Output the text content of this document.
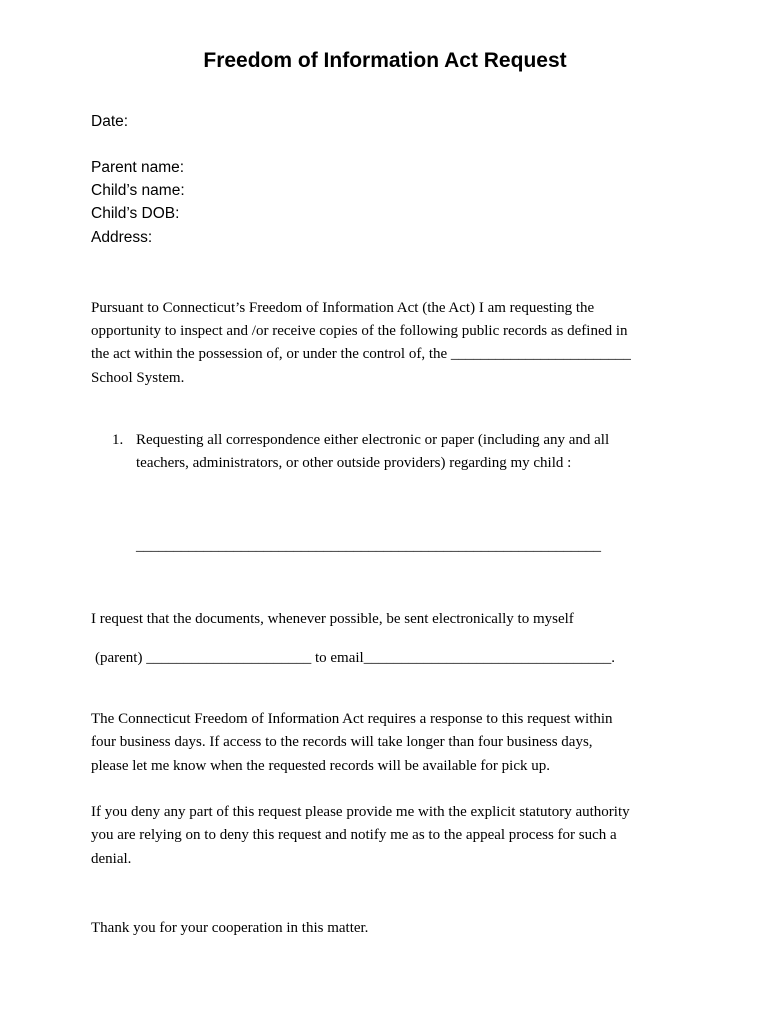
Freedom of Information Act Request
Date:
Parent name:
Child’s name:
Child’s DOB:
Address:
Pursuant to Connecticut’s Freedom of Information Act (the Act) I am requesting the
opportunity to inspect and /or receive copies of the following public records as defined in
the act within the possession of, or under the control of, the ________________________
School System.
1. Requesting all correspondence either electronic or paper (including any and all
teachers, administrators, or other outside providers) regarding my child :
______________________________________________________________
I request that the documents, whenever possible, be sent electronically to myself
(parent) ______________________ to email_________________________________.
The Connecticut Freedom of Information Act requires a response to this request within
four business days. If access to the records will take longer than four business days,
please let me know when the requested records will be available for pick up.
If you deny any part of this request please provide me with the explicit statutory authority
you are relying on to deny this request and notify me as to the appeal process for such a
denial.
Thank you for your cooperation in this matter.
